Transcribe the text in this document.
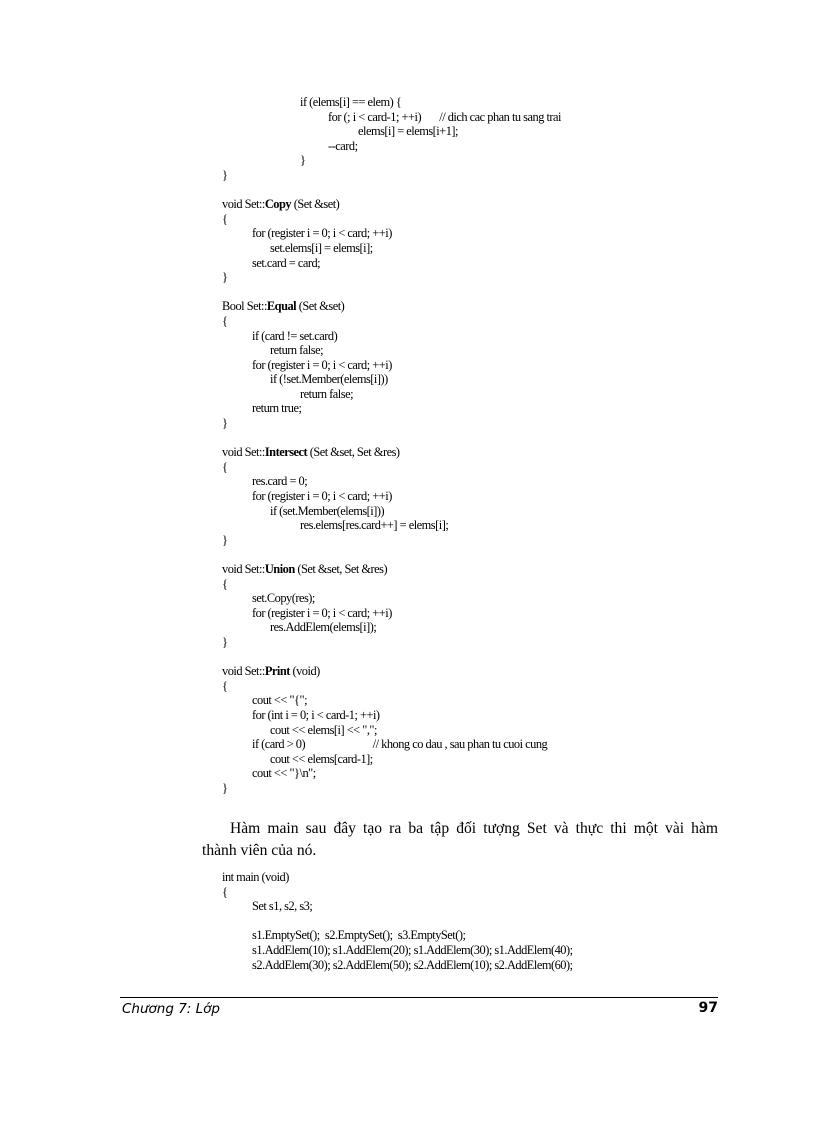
if (elems[i] == elem) {
for (; i < card-1; ++i)       // dich cac phan tu sang trai
elems[i] = elems[i+1];
--card;
}
}
void Set::Copy (Set &set)
{
for (register i = 0; i < card; ++i)
set.elems[i] = elems[i];
set.card = card;
}
Bool Set::Equal (Set &set)
{
if (card != set.card)
return false;
for (register i = 0; i < card; ++i)
if (!set.Member(elems[i]))
return false;
return true;
}
void Set::Intersect (Set &set, Set &res)
{
res.card = 0;
for (register i = 0; i < card; ++i)
if (set.Member(elems[i]))
res.elems[res.card++] = elems[i];
}
void Set::Union (Set &set, Set &res)
{
set.Copy(res);
for (register i = 0; i < card; ++i)
res.AddElem(elems[i]);
}
void Set::Print (void)
{
cout << "{";
for (int i = 0; i < card-1; ++i)
cout << elems[i] << ",";
if (card > 0)                          // khong co dau , sau phan tu cuoi cung
cout << elems[card-1];
cout << "}\n";
}
Hàm main sau đây tạo ra ba tập đối tượng Set và thực thi một vài hàm
thành viên của nó.
int main (void)
{
Set s1, s2, s3;
s1.EmptySet();  s2.EmptySet();  s3.EmptySet();
s1.AddElem(10); s1.AddElem(20); s1.AddElem(30); s1.AddElem(40);
s2.AddElem(30); s2.AddElem(50); s2.AddElem(10); s2.AddElem(60);
Chương 7: Lớp	97
